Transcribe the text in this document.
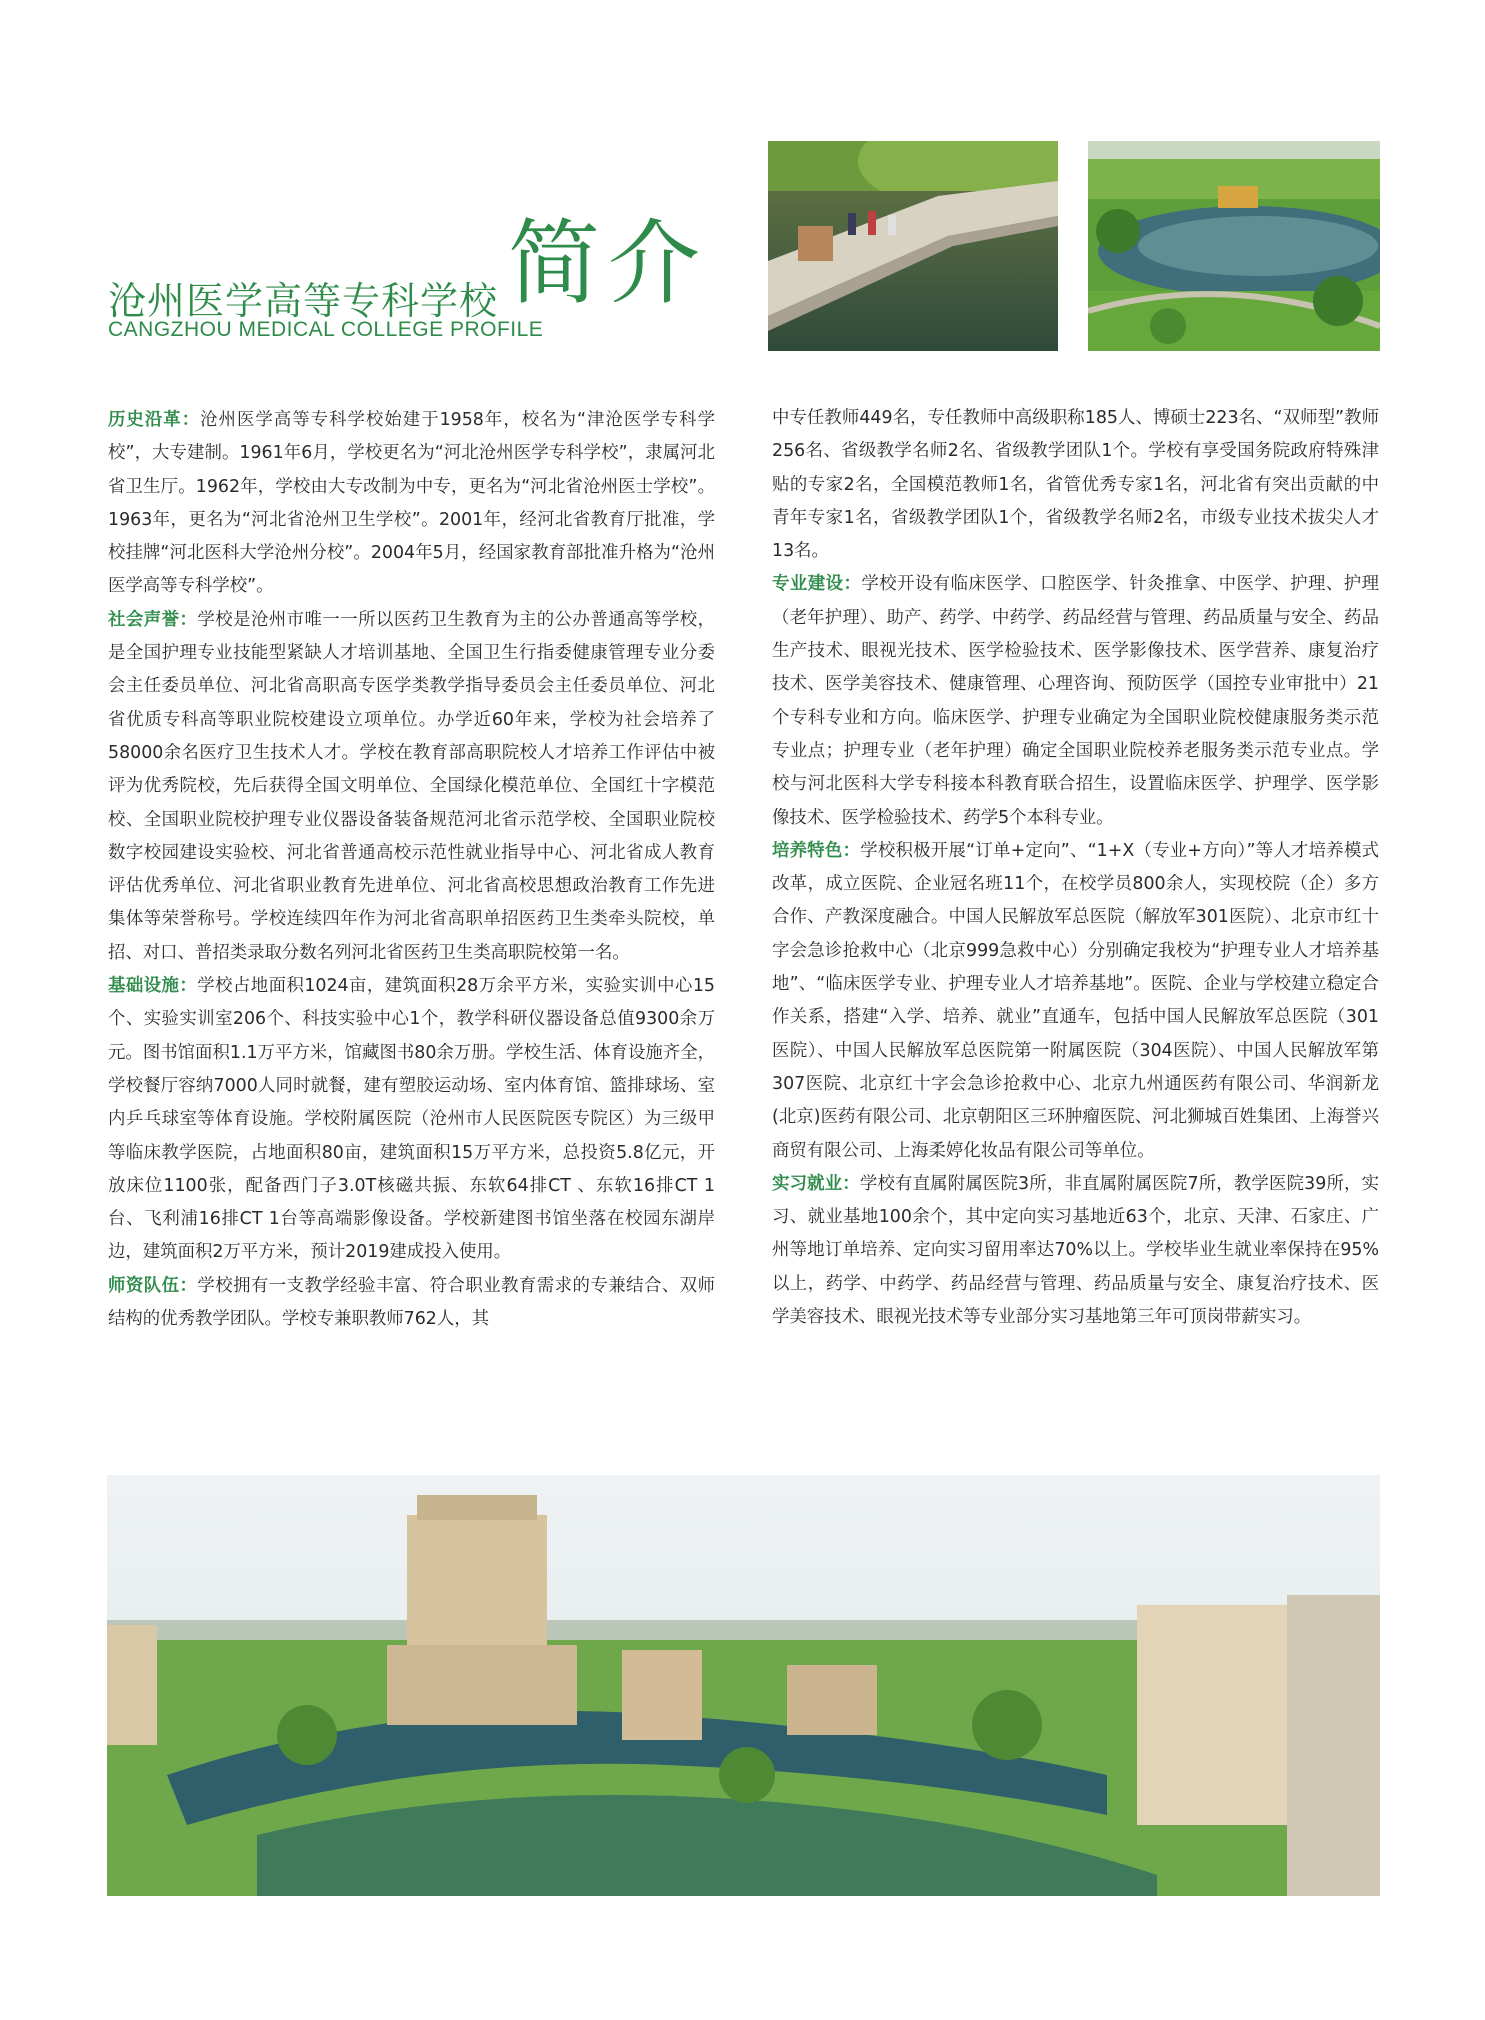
沧州医学高等专科学校 简介
CANGZHOU MEDICAL COLLEGE PROFILE

历史沿革：沧州医学高等专科学校始建于1958年，校名为“津沧医学专科学校”，大专建制。1961年6月，学校更名为“河北沧州医学专科学校”，隶属河北省卫生厅。1962年，学校由大专改制为中专，更名为“河北省沧州医士学校”。1963年，更名为“河北省沧州卫生学校”。2001年，经河北省教育厅批准，学校挂牌“河北医科大学沧州分校”。2004年5月，经国家教育部批准升格为“沧州医学高等专科学校”。

社会声誉：学校是沧州市唯一一所以医药卫生教育为主的公办普通高等学校，是全国护理专业技能型紧缺人才培训基地、全国卫生行指委健康管理专业分委会主任委员单位、河北省高职高专医学类教学指导委员会主任委员单位、河北省优质专科高等职业院校建设立项单位。办学近60年来，学校为社会培养了58000余名医疗卫生技术人才。学校在教育部高职院校人才培养工作评估中被评为优秀院校，先后获得全国文明单位、全国绿化模范单位、全国红十字模范校、全国职业院校护理专业仪器设备装备规范河北省示范学校、全国职业院校数字校园建设实验校、河北省普通高校示范性就业指导中心、河北省成人教育评估优秀单位、河北省职业教育先进单位、河北省高校思想政治教育工作先进集体等荣誉称号。学校连续四年作为河北省高职单招医药卫生类牵头院校，单招、对口、普招类录取分数名列河北省医药卫生类高职院校第一名。

基础设施：学校占地面积1024亩，建筑面积28万余平方米，实验实训中心15个、实验实训室206个、科技实验中心1个，教学科研仪器设备总值9300余万元。图书馆面积1.1万平方米，馆藏图书80余万册。学校生活、体育设施齐全，学校餐厅容纳7000人同时就餐，建有塑胶运动场、室内体育馆、篮排球场、室内乒乓球室等体育设施。学校附属医院（沧州市人民医院医专院区）为三级甲等临床教学医院，占地面积80亩，建筑面积15万平方米，总投资5.8亿元，开放床位1100张，配备西门子3.0T核磁共振、东软64排CT 、东软16排CT 1台、飞利浦16排CT 1台等高端影像设备。学校新建图书馆坐落在校园东湖岸边，建筑面积2万平方米，预计2019建成投入使用。

师资队伍：学校拥有一支教学经验丰富、符合职业教育需求的专兼结合、双师结构的优秀教学团队。学校专兼职教师762人，其

中专任教师449名，专任教师中高级职称185人、博硕士223名、“双师型”教师256名、省级教学名师2名、省级教学团队1个。学校有享受国务院政府特殊津贴的专家2名，全国模范教师1名，省管优秀专家1名，河北省有突出贡献的中青年专家1名，省级教学团队1个，省级教学名师2名，市级专业技术拔尖人才13名。

专业建设：学校开设有临床医学、口腔医学、针灸推拿、中医学、护理、护理（老年护理）、助产、药学、中药学、药品经营与管理、药品质量与安全、药品生产技术、眼视光技术、医学检验技术、医学影像技术、医学营养、康复治疗技术、医学美容技术、健康管理、心理咨询、预防医学（国控专业审批中）21个专科专业和方向。临床医学、护理专业确定为全国职业院校健康服务类示范专业点；护理专业（老年护理）确定全国职业院校养老服务类示范专业点。学校与河北医科大学专科接本科教育联合招生，设置临床医学、护理学、医学影像技术、医学检验技术、药学5个本科专业。

培养特色：学校积极开展“订单+定向”、“1+X（专业+方向）”等人才培养模式改革，成立医院、企业冠名班11个，在校学员800余人，实现校院（企）多方合作、产教深度融合。中国人民解放军总医院（解放军301医院）、北京市红十字会急诊抢救中心（北京999急救中心）分别确定我校为“护理专业人才培养基地”、“临床医学专业、护理专业人才培养基地”。医院、企业与学校建立稳定合作关系，搭建“入学、培养、就业”直通车，包括中国人民解放军总医院（301医院）、中国人民解放军总医院第一附属医院（304医院）、中国人民解放军第307医院、北京红十字会急诊抢救中心、北京九州通医药有限公司、华润新龙(北京)医药有限公司、北京朝阳区三环肿瘤医院、河北狮城百姓集团、上海誉兴商贸有限公司、上海柔婷化妆品有限公司等单位。

实习就业：学校有直属附属医院3所，非直属附属医院7所，教学医院39所，实习、就业基地100余个，其中定向实习基地近63个，北京、天津、石家庄、广州等地订单培养、定向实习留用率达70%以上。学校毕业生就业率保持在95%以上，药学、中药学、药品经营与管理、药品质量与安全、康复治疗技术、医学美容技术、眼视光技术等专业部分实习基地第三年可顶岗带薪实习。
